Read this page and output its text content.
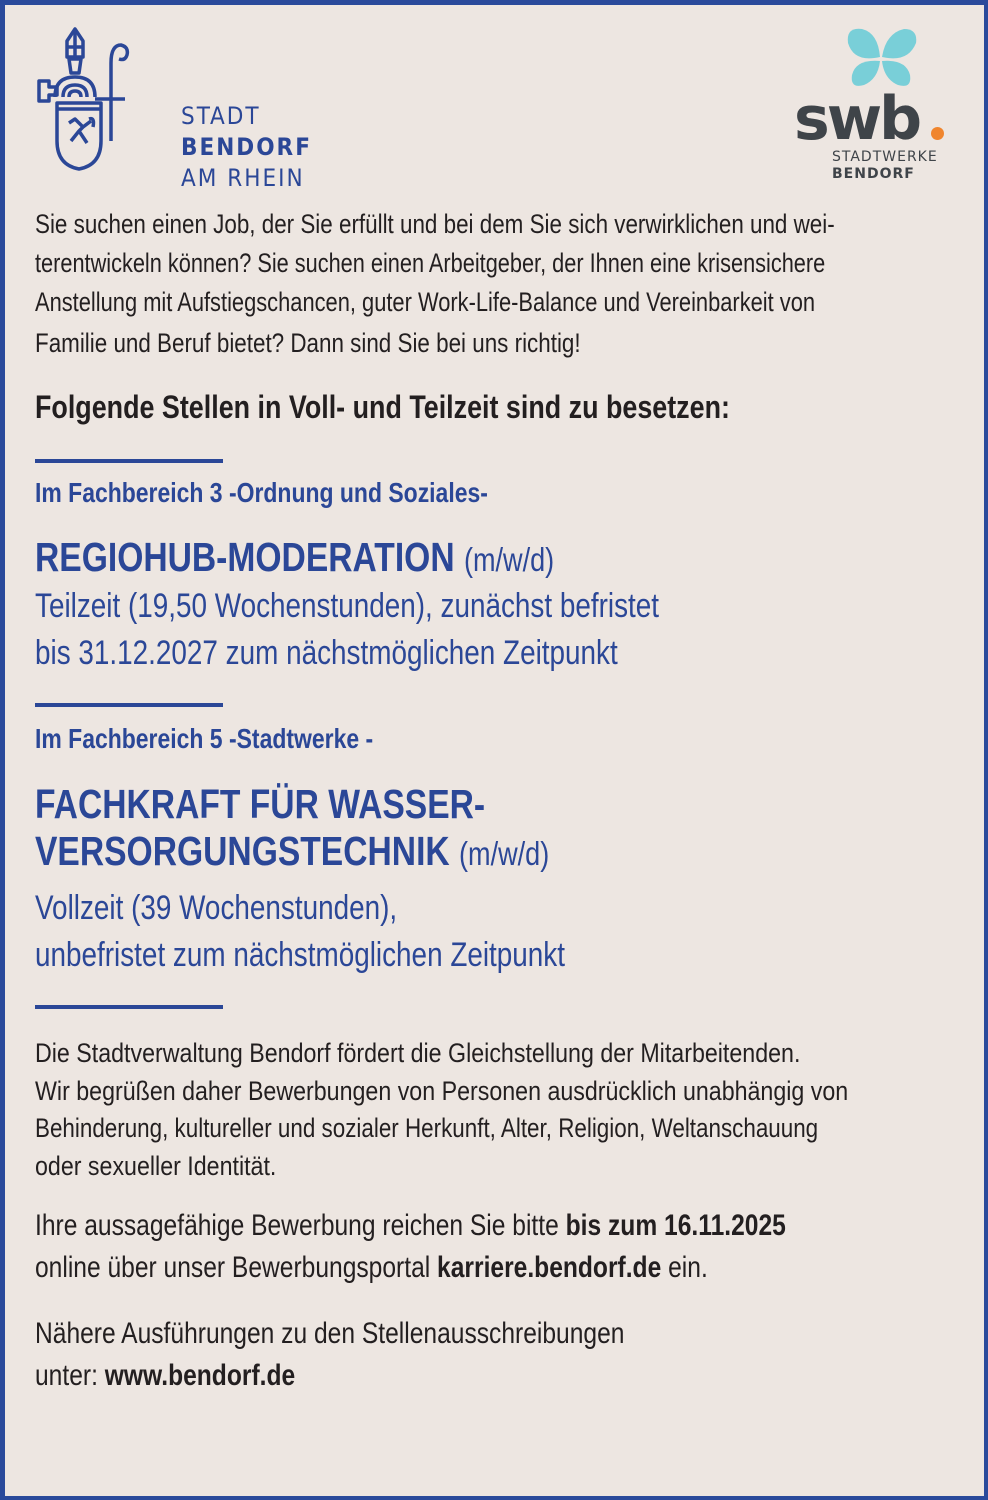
STADT
BENDORF
AM RHEIN
swb
STADTWERKE
BENDORF
Sie suchen einen Job, der Sie erfüllt und bei dem Sie sich verwirklichen und wei-
terentwickeln können? Sie suchen einen Arbeitgeber, der Ihnen eine krisensichere
Anstellung mit Aufstiegschancen, guter Work-Life-Balance und Vereinbarkeit von
Familie und Beruf bietet? Dann sind Sie bei uns richtig!
Folgende Stellen in Voll- und Teilzeit sind zu besetzen:
Im Fachbereich 3 -Ordnung und Soziales-
REGIOHUB-MODERATION (m/w/d)
Teilzeit (19,50 Wochenstunden), zunächst befristet
bis 31.12.2027 zum nächstmöglichen Zeitpunkt
Im Fachbereich 5 -Stadtwerke -
FACHKRAFT FÜR WASSER-
VERSORGUNGSTECHNIK (m/w/d)
Vollzeit (39 Wochenstunden),
unbefristet zum nächstmöglichen Zeitpunkt
Die Stadtverwaltung Bendorf fördert die Gleichstellung der Mitarbeitenden.
Wir begrüßen daher Bewerbungen von Personen ausdrücklich unabhängig von
Behinderung, kultureller und sozialer Herkunft, Alter, Religion, Weltanschauung
oder sexueller Identität.
Ihre aussagefähige Bewerbung reichen Sie bitte bis zum 16.11.2025
online über unser Bewerbungsportal karriere.bendorf.de ein.
Nähere Ausführungen zu den Stellenausschreibungen
unter: www.bendorf.de
